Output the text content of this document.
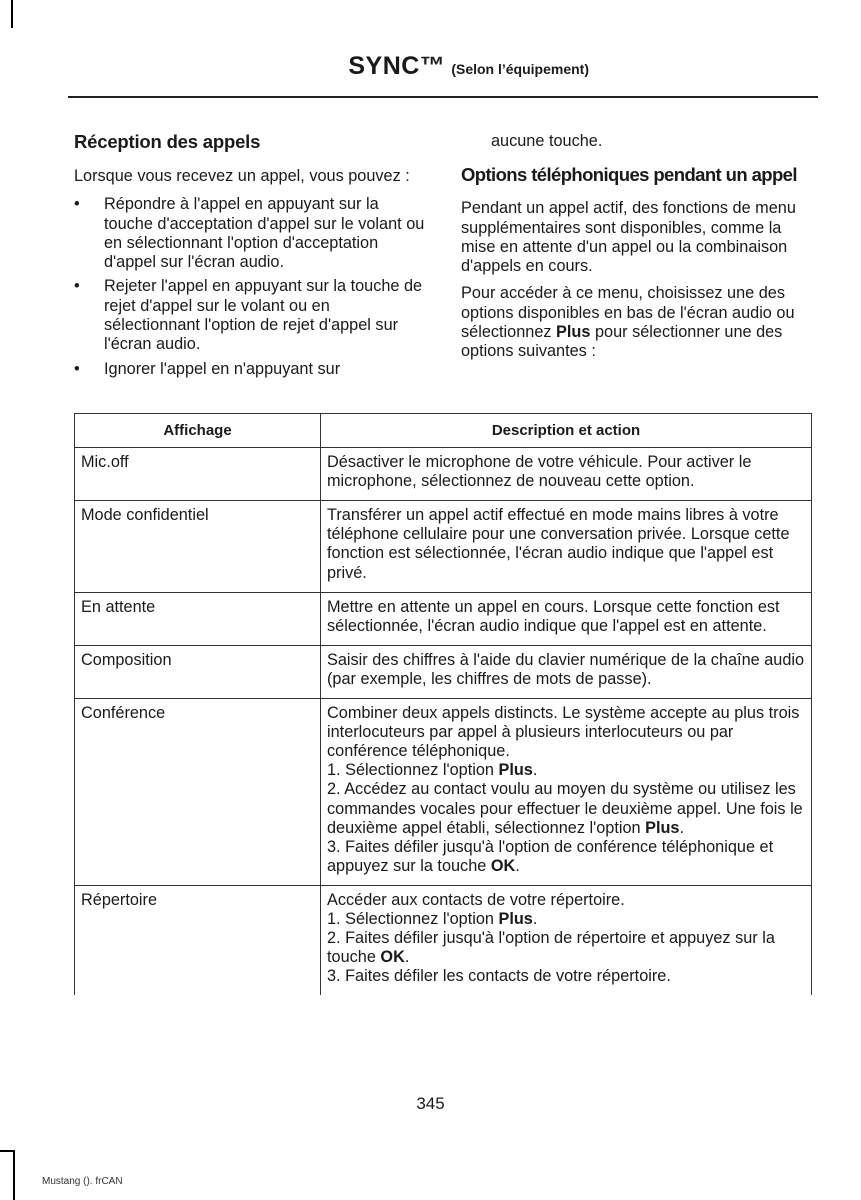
SYNC™ (Selon l’équipement)
Réception des appels

Lorsque vous recevez un appel, vous pouvez :

• Répondre à l'appel en appuyant sur la touche d'acceptation d'appel sur le volant ou en sélectionnant l'option d'acceptation d'appel sur l'écran audio.
• Rejeter l'appel en appuyant sur la touche de rejet d'appel sur le volant ou en sélectionnant l'option de rejet d'appel sur l'écran audio.
• Ignorer l'appel en n'appuyant sur

aucune touche.

Options téléphoniques pendant un appel

Pendant un appel actif, des fonctions de menu supplémentaires sont disponibles, comme la mise en attente d'un appel ou la combinaison d'appels en cours.

Pour accéder à ce menu, choisissez une des options disponibles en bas de l'écran audio ou sélectionnez Plus pour sélectionner une des options suivantes :

Affichage	Description et action
Mic.off	Désactiver le microphone de votre véhicule. Pour activer le microphone, sélectionnez de nouveau cette option.
Mode confidentiel	Transférer un appel actif effectué en mode mains libres à votre téléphone cellulaire pour une conversation privée. Lorsque cette fonction est sélectionnée, l'écran audio indique que l'appel est privé.
En attente	Mettre en attente un appel en cours. Lorsque cette fonction est sélectionnée, l'écran audio indique que l'appel est en attente.
Composition	Saisir des chiffres à l'aide du clavier numérique de la chaîne audio (par exemple, les chiffres de mots de passe).
Conférence	Combiner deux appels distincts. Le système accepte au plus trois interlocuteurs par appel à plusieurs interlocuteurs ou par conférence téléphonique.
1. Sélectionnez l'option Plus.
2. Accédez au contact voulu au moyen du système ou utilisez les commandes vocales pour effectuer le deuxième appel. Une fois le deuxième appel établi, sélectionnez l'option Plus.
3. Faites défiler jusqu'à l'option de conférence téléphonique et appuyez sur la touche OK.

Répertoire	Accéder aux contacts de votre répertoire.
1. Sélectionnez l'option Plus.
2. Faites défiler jusqu'à l'option de répertoire et appuyez sur la touche OK.
3. Faites défiler les contacts de votre répertoire.
345
Mustang (). frCAN
